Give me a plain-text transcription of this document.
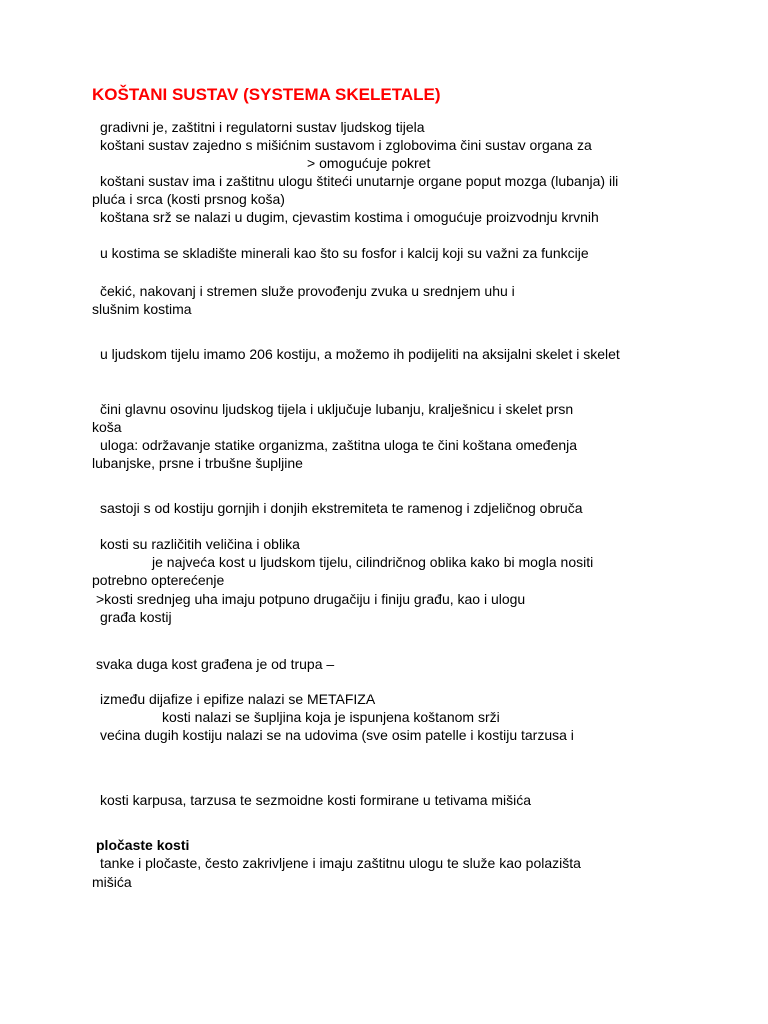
KOŠTANI SUSTAV (SYSTEMA SKELETALE)
gradivni je, zaštitni i regulatorni sustav ljudskog tijela
koštani sustav zajedno s mišićnim sustavom i zglobovima čini sustav organa za
> omogućuje pokret
koštani sustav ima i zaštitnu ulogu štiteći unutarnje organe poput mozga (lubanja) ili
pluća i srca (kosti prsnog koša)
koštana srž se nalazi u dugim, cjevastim kostima i omogućuje proizvodnju krvnih
u kostima se skladište minerali kao što su fosfor i kalcij koji su važni za funkcije
čekić, nakovanj i stremen služe provođenju zvuka u srednjem uhu i
slušnim kostima
u ljudskom tijelu imamo 206 kostiju, a možemo ih podijeliti na aksijalni skelet i skelet
čini glavnu osovinu ljudskog tijela i uključuje lubanju, kralješnicu i skelet prsn
koša
uloga: održavanje statike organizma, zaštitna uloga te čini koštana omeđenja
lubanjske, prsne i trbušne šupljine
sastoji s od kostiju gornjih i donjih ekstremiteta te ramenog i zdjeličnog obruča
kosti su različitih veličina i oblika
je najveća kost u ljudskom tijelu, cilindričnog oblika kako bi mogla nositi
potrebno opterećenje
>kosti srednjeg uha imaju potpuno drugačiju i finiju građu, kao i ulogu
građa kostij
svaka duga kost građena je od trupa –
između dijafize i epifize nalazi se METAFIZA
kosti nalazi se šupljina koja je ispunjena koštanom srži
većina dugih kostiju nalazi se na udovima (sve osim patelle i kostiju tarzusa i
kosti karpusa, tarzusa te sezmoidne kosti formirane u tetivama mišića
pločaste kosti
tanke i pločaste, često zakrivljene i imaju zaštitnu ulogu te služe kao polazišta
mišića
